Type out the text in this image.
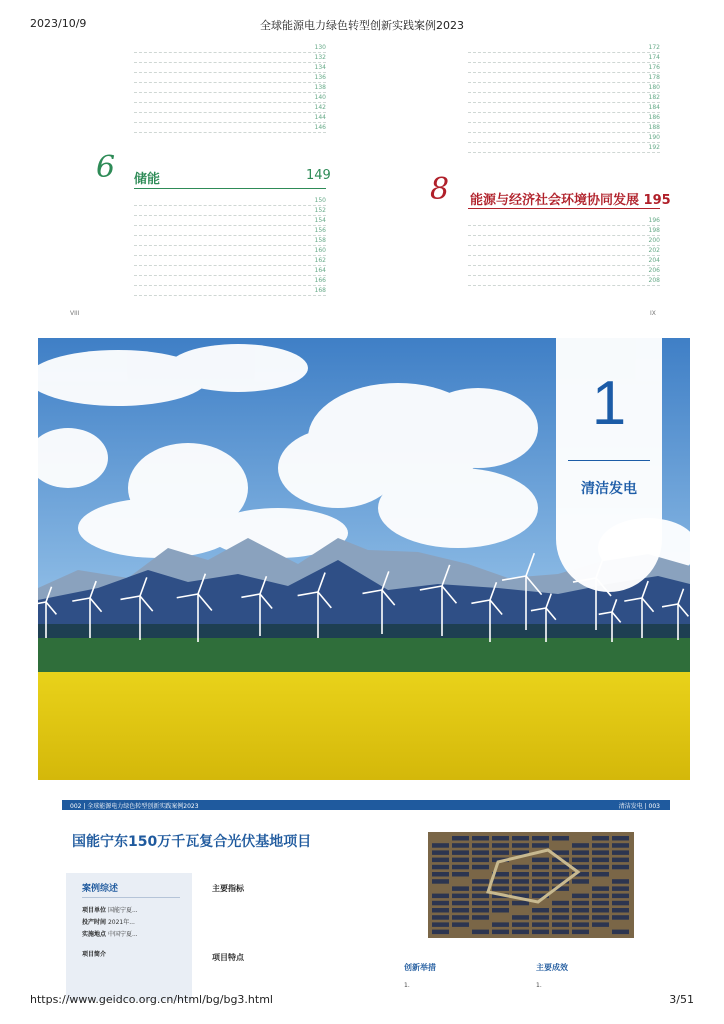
2023/10/9	全球能源电力绿色转型创新实践案例2023
130
132
134
136
138
140
142
144
146
172
174
176
178
180
182
184
186
188
190
192
6 储能	149
150
152
154
156
158
160
162
164
166
168
8 能源与经济社会环境协同发展 195
196
198
200
202
204
206
208
VIII	IX
1
清洁发电
002 | 全球能源电力绿色转型创新实践案例2023	清洁发电 | 003
国能宁东150万千瓦复合光伏基地项目
案例综述
项目单位 国能宁夏...
投产时间 2021年...
实施地点 中国宁夏...
项目简介
主要指标
项目特点
创新举措
1.
主要成效
1.
https://www.geidco.org.cn/html/bg/bg3.html	3/51
